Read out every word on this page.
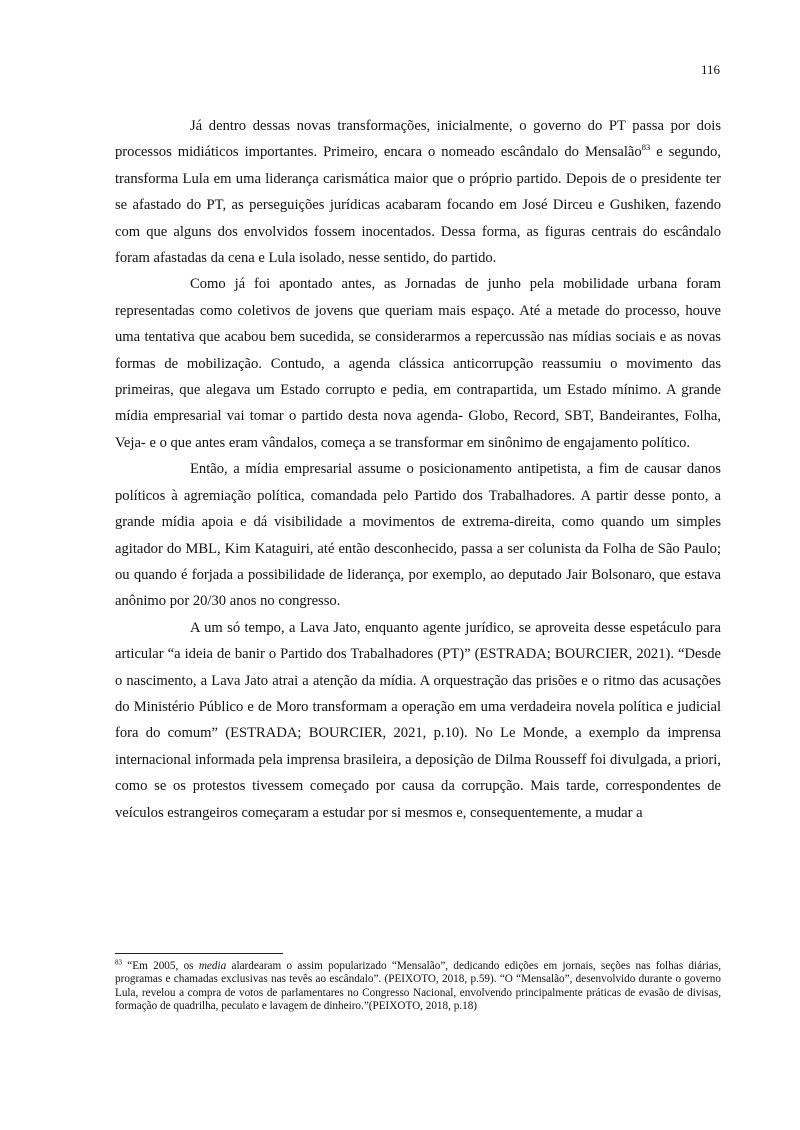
116

Já dentro dessas novas transformações, inicialmente, o governo do PT passa por dois processos midiáticos importantes. Primeiro, encara o nomeado escândalo do Mensalão$^{83}$ e segundo, transforma Lula em uma liderança carismática maior que o próprio partido. Depois de o presidente ter se afastado do PT, as perseguições jurídicas acabaram focando em José Dirceu e Gushiken, fazendo com que alguns dos envolvidos fossem inocentados. Dessa forma, as figuras centrais do escândalo foram afastadas da cena e Lula isolado, nesse sentido, do partido.

Como já foi apontado antes, as Jornadas de junho pela mobilidade urbana foram representadas como coletivos de jovens que queriam mais espaço. Até a metade do processo, houve uma tentativa que acabou bem sucedida, se considerarmos a repercussão nas mídias sociais e as novas formas de mobilização. Contudo, a agenda clássica anticorrupção reassumiu o movimento das primeiras, que alegava um Estado corrupto e pedia, em contrapartida, um Estado mínimo. A grande mídia empresarial vai tomar o partido desta nova agenda- Globo, Record, SBT, Bandeirantes, Folha, Veja- e o que antes eram vândalos, começa a se transformar em sinônimo de engajamento político.

Então, a mídia empresarial assume o posicionamento antipetista, a fim de causar danos políticos à agremiação política, comandada pelo Partido dos Trabalhadores. A partir desse ponto, a grande mídia apoia e dá visibilidade a movimentos de extrema-direita, como quando um simples agitador do MBL, Kim Kataguiri, até então desconhecido, passa a ser colunista da Folha de São Paulo; ou quando é forjada a possibilidade de liderança, por exemplo, ao deputado Jair Bolsonaro, que estava anônimo por 20/30 anos no congresso.

A um só tempo, a Lava Jato, enquanto agente jurídico, se aproveita desse espetáculo para articular “a ideia de banir o Partido dos Trabalhadores (PT)” (ESTRADA; BOURCIER, 2021). “Desde o nascimento, a Lava Jato atrai a atenção da mídia. A orquestração das prisões e o ritmo das acusações do Ministério Público e de Moro transformam a operação em uma verdadeira novela política e judicial fora do comum” (ESTRADA; BOURCIER, 2021, p.10). No Le Monde, a exemplo da imprensa internacional informada pela imprensa brasileira, a deposição de Dilma Rousseff foi divulgada, a priori, como se os protestos tivessem começado por causa da corrupção. Mais tarde, correspondentes de veículos estrangeiros começaram a estudar por si mesmos e, consequentemente, a mudar a

$^{83}$ “Em 2005, os media alardearam o assim popularizado “Mensalão”, dedicando edições em jornais, seções nas folhas diárias, programas e chamadas exclusivas nas tevês ao escândalo”. (PEIXOTO, 2018, p.59). “O “Mensalão”, desenvolvido durante o governo Lula, revelou a compra de votos de parlamentares no Congresso Nacional, envolvendo principalmente práticas de evasão de divisas, formação de quadrilha, peculato e lavagem de dinheiro.”(PEIXOTO, 2018, p.18)
